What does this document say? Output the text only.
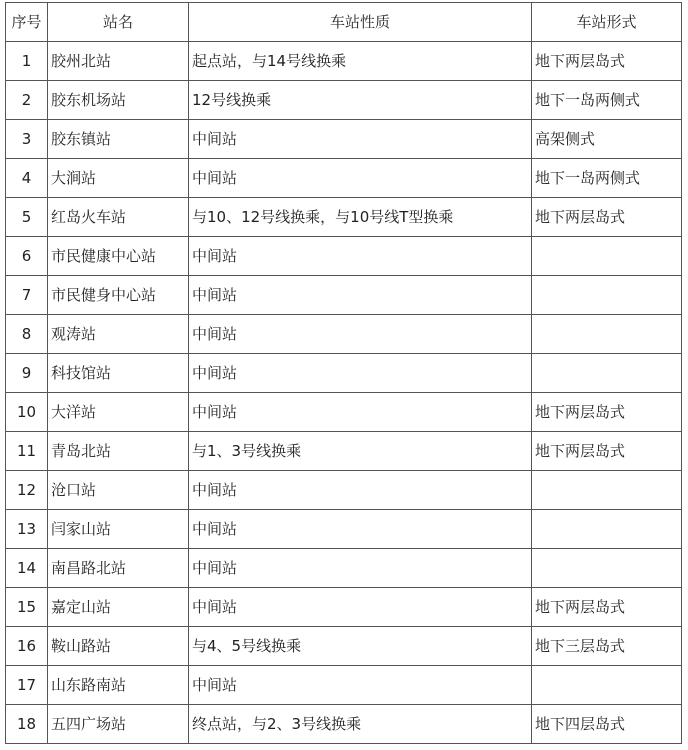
序号	站名	车站性质	车站形式
1	胶州北站	起点站，与14号线换乘	地下两层岛式
2	胶东机场站	12号线换乘	地下一岛两侧式
3	胶东镇站	中间站	高架侧式
4	大涧站	中间站	地下一岛两侧式
5	红岛火车站	与10、12号线换乘，与10号线T型换乘	地下两层岛式
6	市民健康中心站	中间站	
7	市民健身中心站	中间站	
8	观涛站	中间站	
9	科技馆站	中间站	
10	大洋站	中间站	地下两层岛式
11	青岛北站	与1、3号线换乘	地下两层岛式
12	沧口站	中间站	
13	闫家山站	中间站	
14	南昌路北站	中间站	
15	嘉定山站	中间站	地下两层岛式
16	鞍山路站	与4、5号线换乘	地下三层岛式
17	山东路南站	中间站	
18	五四广场站	终点站，与2、3号线换乘	地下四层岛式
